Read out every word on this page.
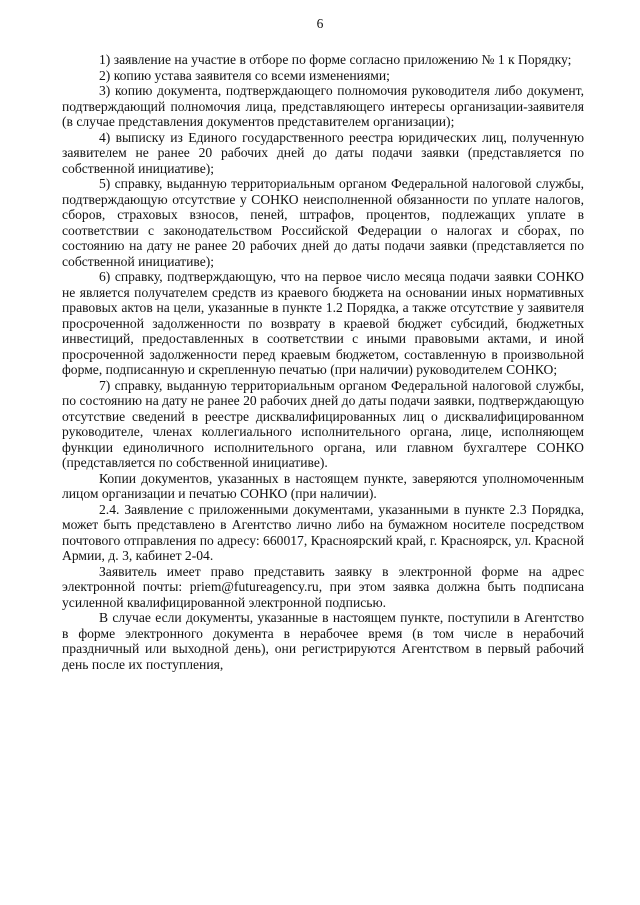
6

1) заявление на участие в отборе по форме согласно приложению № 1 к Порядку;

2) копию устава заявителя со всеми изменениями;

3) копию документа, подтверждающего полномочия руководителя либо документ, подтверждающий полномочия лица, представляющего интересы организации-заявителя (в случае представления документов представителем организации);

4) выписку из Единого государственного реестра юридических лиц, полученную заявителем не ранее 20 рабочих дней до даты подачи заявки (представляется по собственной инициативе);

5) справку, выданную территориальным органом Федеральной налоговой службы, подтверждающую отсутствие у СОНКО неисполненной обязанности по уплате налогов, сборов, страховых взносов, пеней, штрафов, процентов, подлежащих уплате в соответствии с законодательством Российской Федерации о налогах и сборах, по состоянию на дату не ранее 20 рабочих дней до даты подачи заявки (представляется по собственной инициативе);

6) справку, подтверждающую, что на первое число месяца подачи заявки СОНКО не является получателем средств из краевого бюджета на основании иных нормативных правовых актов на цели, указанные в пункте 1.2 Порядка, а также отсутствие у заявителя просроченной задолженности по возврату в краевой бюджет субсидий, бюджетных инвестиций, предоставленных в соответствии с иными правовыми актами, и иной просроченной задолженности перед краевым бюджетом, составленную в произвольной форме, подписанную и скрепленную печатью (при наличии) руководителем СОНКО;

7) справку, выданную территориальным органом Федеральной налоговой службы, по состоянию на дату не ранее 20 рабочих дней до даты подачи заявки, подтверждающую отсутствие сведений в реестре дисквалифицированных лиц о дисквалифицированном руководителе, членах коллегиального исполнительного органа, лице, исполняющем функции единоличного исполнительного органа, или главном бухгалтере СОНКО (представляется по собственной инициативе).

Копии документов, указанных в настоящем пункте, заверяются уполномоченным лицом организации и печатью СОНКО (при наличии).

2.4. Заявление с приложенными документами, указанными в пункте 2.3 Порядка, может быть представлено в Агентство лично либо на бумажном носителе посредством почтового отправления по адресу: 660017, Красноярский край, г. Красноярск, ул. Красной Армии, д. 3, кабинет 2-04.

Заявитель имеет право представить заявку в электронной форме на адрес электронной почты: priem@futureagency.ru, при этом заявка должна быть подписана усиленной квалифицированной электронной подписью.

В случае если документы, указанные в настоящем пункте, поступили в Агентство в форме электронного документа в нерабочее время (в том числе в нерабочий праздничный или выходной день), они регистрируются Агентством в первый рабочий день после их поступления,
